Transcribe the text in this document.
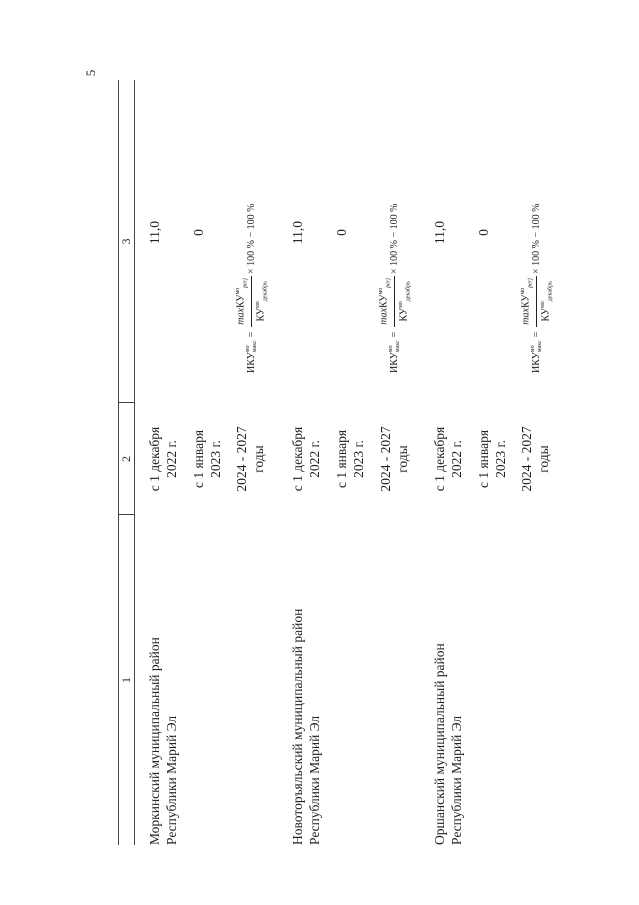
5
1
2
3
Моркинский муниципальный район Республики Марий Эл
с 1 декабря 2022 г.
11,0
с 1 января 2023 г.
0
2024 - 2027 годы
ИКУ
мо макс
=
maxКУ$^{мо}_{perj}$
$КУ^{мо}_{декабрь}$
× 100 % − 100 %
Новоторъяльский муниципальный район Республики Марий Эл
с 1 декабря 2022 г.
11,0
с 1 января 2023 г.
0
2024 - 2027 годы
ИКУ
мо макс
=
maxКУ$^{мо}_{perj}$
$КУ^{мо}_{декабрь}$
× 100 % − 100 %
Оршанский муниципальный район Республики Марий Эл
с 1 декабря 2022 г.
11,0
с 1 января 2023 г.
0
2024 - 2027 годы
ИКУ
мо макс
=
maxКУ$^{мо}_{perj}$
$КУ^{мо}_{декабрь}$
× 100 % − 100 %
